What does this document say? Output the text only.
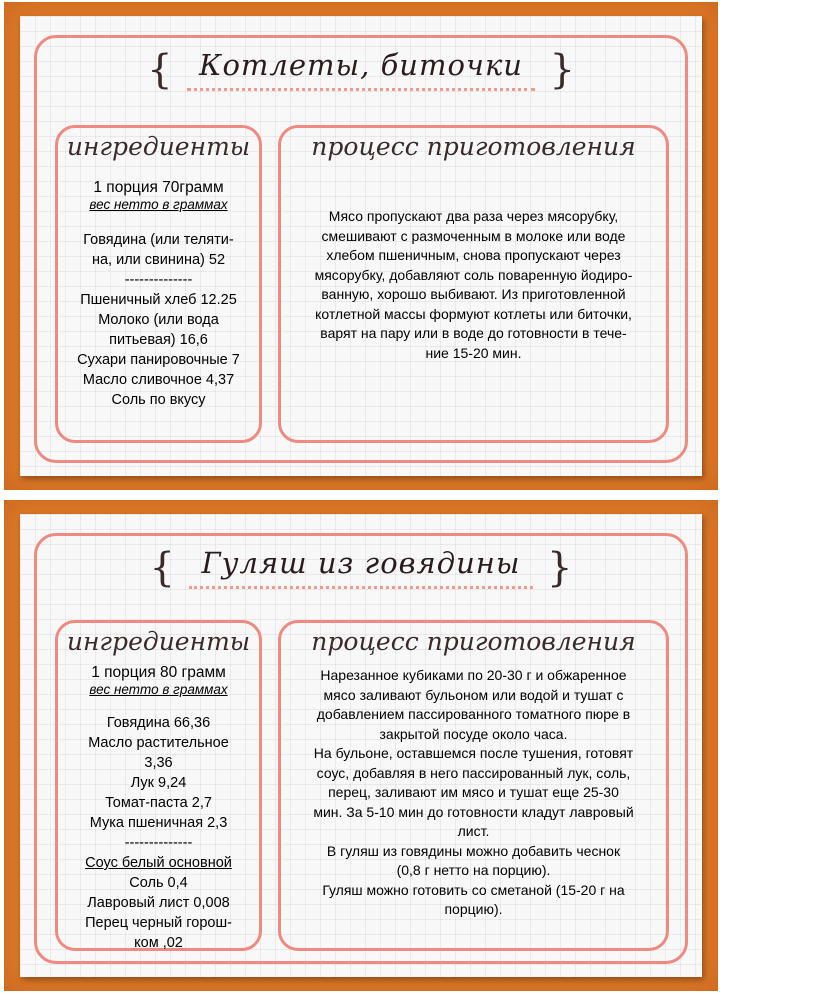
{ Котлеты, биточки }
ингредиенты
1 порция 70грамм
вес нетто в граммах
Говядина (или теляти-
на, или свинина) 52
--------------
Пшеничный хлеб 12.25
Молоко (или вода
питьевая) 16,6
Сухари панировочные 7
Масло сливочное 4,37
Соль по вкусу
процесс приготовления
Мясо пропускают два раза через мясорубку,
смешивают с размоченным в молоке или воде
хлебом пшеничным, снова пропускают через
мясорубку, добавляют соль поваренную йодиро-
ванную, хорошо выбивают. Из приготовленной
котлетной массы формуют котлеты или биточки,
варят на пару или в воде до готовности в тече-
ние 15-20 мин.
{ Гуляш из говядины }
ингредиенты
1 порция 80 грамм
вес нетто в граммах
Говядина 66,36
Масло растительное
3,36
Лук 9,24
Томат-паста 2,7
Мука пшеничная 2,3
--------------
Соус белый основной
Соль 0,4
Лавровый лист 0,008
Перец черный горош-
ком ,02
процесс приготовления
Нарезанное кубиками по 20-30 г и обжаренное
мясо заливают бульоном или водой и тушат с
добавлением пассированного томатного пюре в
закрытой посуде около часа.
На бульоне, оставшемся после тушения, готовят
соус, добавляя в него пассированный лук, соль,
перец, заливают им мясо и тушат еще 25-30
мин. За 5-10 мин до готовности кладут лавровый
лист.
В гуляш из говядины можно добавить чеснок
(0,8 г нетто на порцию).
Гуляш можно готовить со сметаной (15-20 г на
порцию).
